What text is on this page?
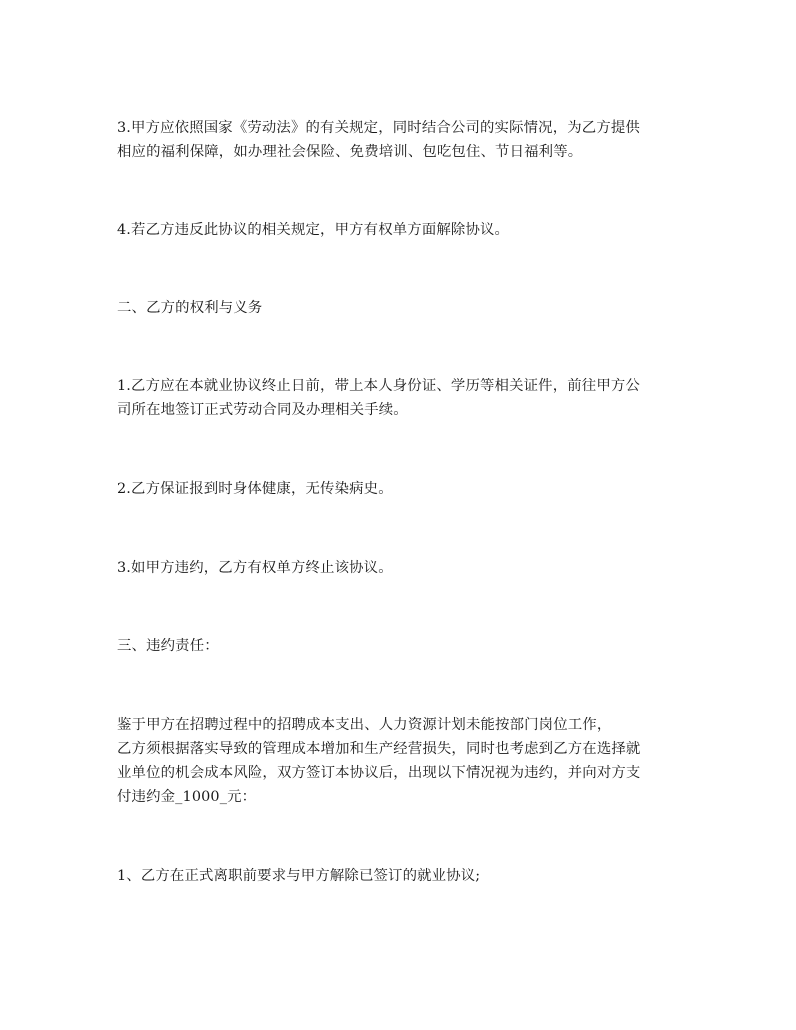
3.甲方应依照国家《劳动法》的有关规定，同时结合公司的实际情况，为乙方提供
相应的福利保障，如办理社会保险、免费培训、包吃包住、节日福利等。

4.若乙方违反此协议的相关规定，甲方有权单方面解除协议。

二、乙方的权利与义务

1.乙方应在本就业协议终止日前，带上本人身份证、学历等相关证件，前往甲方公
司所在地签订正式劳动合同及办理相关手续。

2.乙方保证报到时身体健康，无传染病史。

3.如甲方违约，乙方有权单方终止该协议。

三、违约责任：

鉴于甲方在招聘过程中的招聘成本支出、人力资源计划未能按部门岗位工作，
乙方须根据落实导致的管理成本增加和生产经营损失，同时也考虑到乙方在选择就
业单位的机会成本风险，双方签订本协议后，出现以下情况视为违约，并向对方支
付违约金_1000_元：

1、乙方在正式离职前要求与甲方解除已签订的就业协议;
